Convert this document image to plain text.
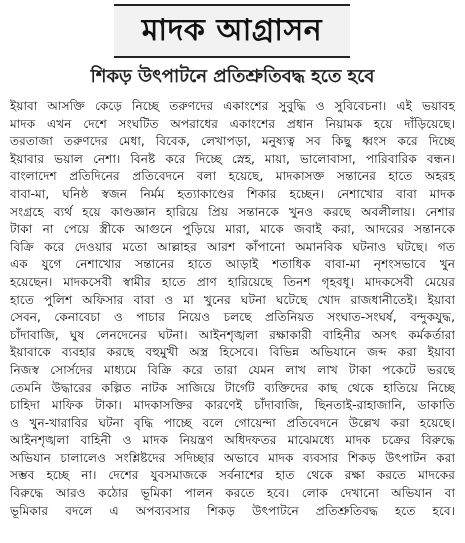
মাদক আগ্রাসন
শিকড় উৎপাটনে প্রতিশ্রুতিবদ্ধ হতে হবে
ইয়াবা আসক্তি কেড়ে নিচ্ছে তরুণদের একাংশের সুবুদ্ধি ও সুবিবেচনা। এই ভয়াবহ
মাদক এখন দেশে সংঘটিত অপরাধের একাংশের প্রধান নিয়ামক হয়ে দাঁড়িয়েছে।
তরতাজা তরুণদের মেধা, বিবেক, লেখাপড়া, মনুষ্যত্ব সব কিছু ধ্বংস করে দিচ্ছে
ইয়াবার ভয়াল নেশা। বিনষ্ট করে দিচ্ছে স্নেহ, মায়া, ভালোবাসা, পারিবারিক বন্ধন।
বাংলাদেশ প্রতিদিনের প্রতিবেদনে বলা হয়েছে, মাদকাসক্ত সন্তানের হাতে অহরহ
বাবা-মা, ঘনিষ্ঠ স্বজন নির্মম হত্যাকাণ্ডের শিকার হচ্ছেন। নেশাখোর বাবা মাদক
সংগ্রহে ব্যর্থ হয়ে কাণ্ডজ্ঞান হারিয়ে প্রিয় সন্তানকে খুনও করছে অবলীলায়। নেশার
টাকা না পেয়ে স্ত্রীকে আগুনে পুড়িয়ে মারা, মাকে জবাই করা, আদরের সন্তানকে
বিক্রি করে দেওয়ার মতো আল্লাহর আরশ কাঁপানো অমানবিক ঘটনাও ঘটছে। গত
এক যুগে নেশাখোর সন্তানের হাতে আড়াই শতাধিক বাবা-মা নৃশংসভাবে খুন
হয়েছেন। মাদকসেবী স্বামীর হাতে প্রাণ হারিয়েছে তিনশ গৃহবধূ। মাদকসেবী মেয়ের
হাতে পুলিশ অফিসার বাবা ও মা খুনের ঘটনা ঘটেছে খোদ রাজধানীতেই। ইয়াবা
সেবন, কেনাবেচা ও পাচার নিয়েও চলছে প্রতিনিয়ত সংঘাত-সংঘর্ষ, বন্দুকযুদ্ধ,
চাঁদাবাজি, ঘুষ লেনদেনের ঘটনা। আইনশৃঙ্খলা রক্ষাকারী বাহিনীর অসৎ কর্মকর্তারা
ইয়াবাকে ব্যবহার করছে বহুমুখী অস্ত্র হিসেবে। বিভিন্ন অভিযানে জব্দ করা ইয়াবা
নিজস্ব সোর্সদের মাধ্যমে বিক্রি করে তারা যেমন লাখ লাখ টাকা পকেটে ভরছে
তেমনি উদ্ধারের কল্পিত নাটক সাজিয়ে টার্গেট ব্যক্তিদের কাছ থেকে হাতিয়ে নিচ্ছে
চাহিদা মাফিক টাকা। মাদকাসক্তির কারণেই চাঁদাবাজি, ছিনতাই-রাহাজানি, ডাকাতি
ও খুন-খারাবির ঘটনা বৃদ্ধি পাচ্ছে বলে গোয়েন্দা প্রতিবেদনে উল্লেখ করা হয়েছে।
আইনশৃঙ্খলা বাহিনী ও মাদক নিয়ন্ত্রণ অধিদফতর মাঝেমধ্যে মাদক চক্রের বিরুদ্ধে
অভিযান চালালেও সংশ্লিষ্টদের সদিচ্ছার অভাবে মাদক ব্যবসার শিকড় উৎপাটন করা
সম্ভব হচ্ছে না। দেশের যুবসমাজকে সর্বনাশের হাত থেকে রক্ষা করতে মাদকের
বিরুদ্ধে আরও কঠোর ভূমিকা পালন করতে হবে। লোক দেখানো অভিযান বা
ভূমিকার বদলে এ অপব্যবসার শিকড় উৎপাটনে প্রতিশ্রুতিবদ্ধ হতে হবে।
